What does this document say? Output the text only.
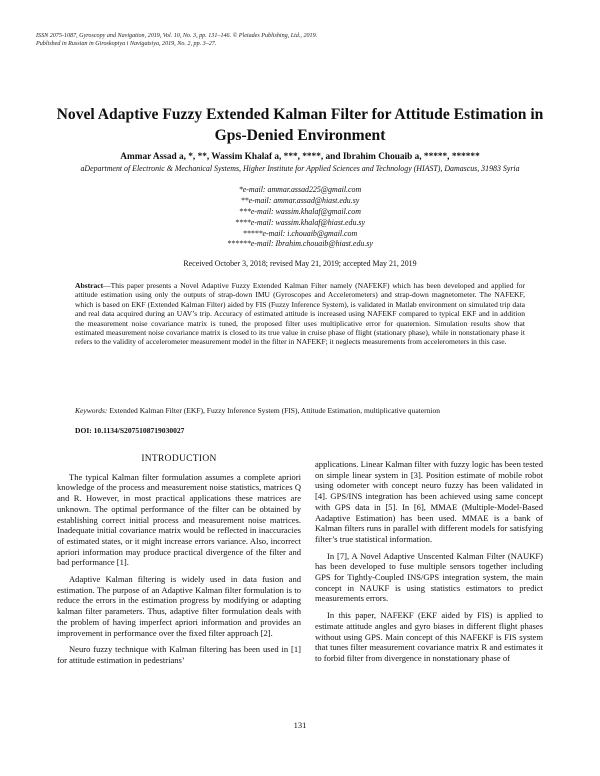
ISSN 2075-1087, Gyroscopy and Navigation, 2019, Vol. 10, No. 3, pp. 131–146. © Pleiades Publishing, Ltd., 2019.
Published in Russian in Giroskopiya i Navigatsiya, 2019, No. 2, pp. 3–27.
Novel Adaptive Fuzzy Extended Kalman Filter for Attitude Estimation in Gps-Denied Environment
Ammar Assad a, *, **, Wassim Khalaf a, ***, ****, and Ibrahim Chouaib a, *****, ******
aDepartment of Electronic & Mechanical Systems, Higher Institute for Applied Sciences and Technology (HIAST), Damascus, 31983 Syria
*e-mail: ammar.assad225@gmail.com
**e-mail: ammar.assad@hiast.edu.sy
***e-mail: wassim.khalaf@gmail.com
****e-mail: wassim.khalaf@hiast.edu.sy
*****e-mail: i.chouaib@gmail.com
******e-mail: Ibrahim.chouaib@hiast.edu.sy
Received October 3, 2018; revised May 21, 2019; accepted May 21, 2019
Abstract—This paper presents a Novel Adaptive Fuzzy Extended Kalman Filter namely (NAFEKF) which has been developed and applied for attitude estimation using only the outputs of strap-down IMU (Gyroscopes and Accelerometers) and strap-down magnetometer. The NAFEKF, which is based on EKF (Extended Kalman Filter) aided by FIS (Fuzzy Inference System), is validated in Matlab environment on simulated trip data and real data acquired during an UAV’s trip. Accuracy of estimated attitude is increased using NAFEKF compared to typical EKF and in addition the measurement noise covariance matrix is tuned, the proposed filter uses multiplicative error for quaternion. Simulation results show that estimated measurement noise covariance matrix is closed to its true value in cruise phase of flight (stationary phase), while in nonstationary phase it refers to the validity of accelerometer measurement model in the filter in NAFEKF; it neglects measurements from accelerometers in this case.
Keywords: Extended Kalman Filter (EKF), Fuzzy Inference System (FIS), Attitude Estimation, multiplicative quaternion
DOI: 10.1134/S2075108719030027
INTRODUCTION

The typical Kalman filter formulation assumes a complete apriori knowledge of the process and measurement noise statistics, matrices Q and R. However, in most practical applications these matrices are unknown. The optimal performance of the filter can be obtained by establishing correct initial process and measurement noise matrices. Inadequate initial covariance matrix would be reflected in inaccuracies of estimated states, or it might increase errors variance. Also, incorrect apriori information may produce practical divergence of the filter and bad performance [1].

Adaptive Kalman filtering is widely used in data fusion and estimation. The purpose of an Adaptive Kalman filter formulation is to reduce the errors in the estimation progress by modifying or adapting kalman filter parameters. Thus, adaptive filter formulation deals with the problem of having imperfect apriori information and provides an improvement in performance over the fixed filter approach [2].

Neuro fuzzy technique with Kalman filtering has been used in [1] for attitude estimation in pedestrians’

applications. Linear Kalman filter with fuzzy logic has been tested on simple linear system in [3]. Position estimate of mobile robot using odometer with concept neuro fuzzy has been validated in [4]. GPS/INS integration has been achieved using same concept with GPS data in [5]. In [6], MMAE (Multiple-Model-Based Aadaptive Estimation) has been used. MMAE is a bank of Kalman filters runs in parallel with different models for satisfying filter’s true statistical information.

In [7], A Novel Adaptive Unscented Kalman Filter (NAUKF) has been developed to fuse multiple sensors together including GPS for Tightly-Coupled INS/GPS integration system, the main concept in NAUKF is using statistics estimators to predict measurements errors.

In this paper, NAFEKF (EKF aided by FIS) is applied to estimate attitude angles and gyro biases in different flight phases without using GPS. Main concept of this NAFEKF is FIS system that tunes filter measurement covariance matrix R and estimates it to forbid filter from divergence in nonstationary phase of

131
